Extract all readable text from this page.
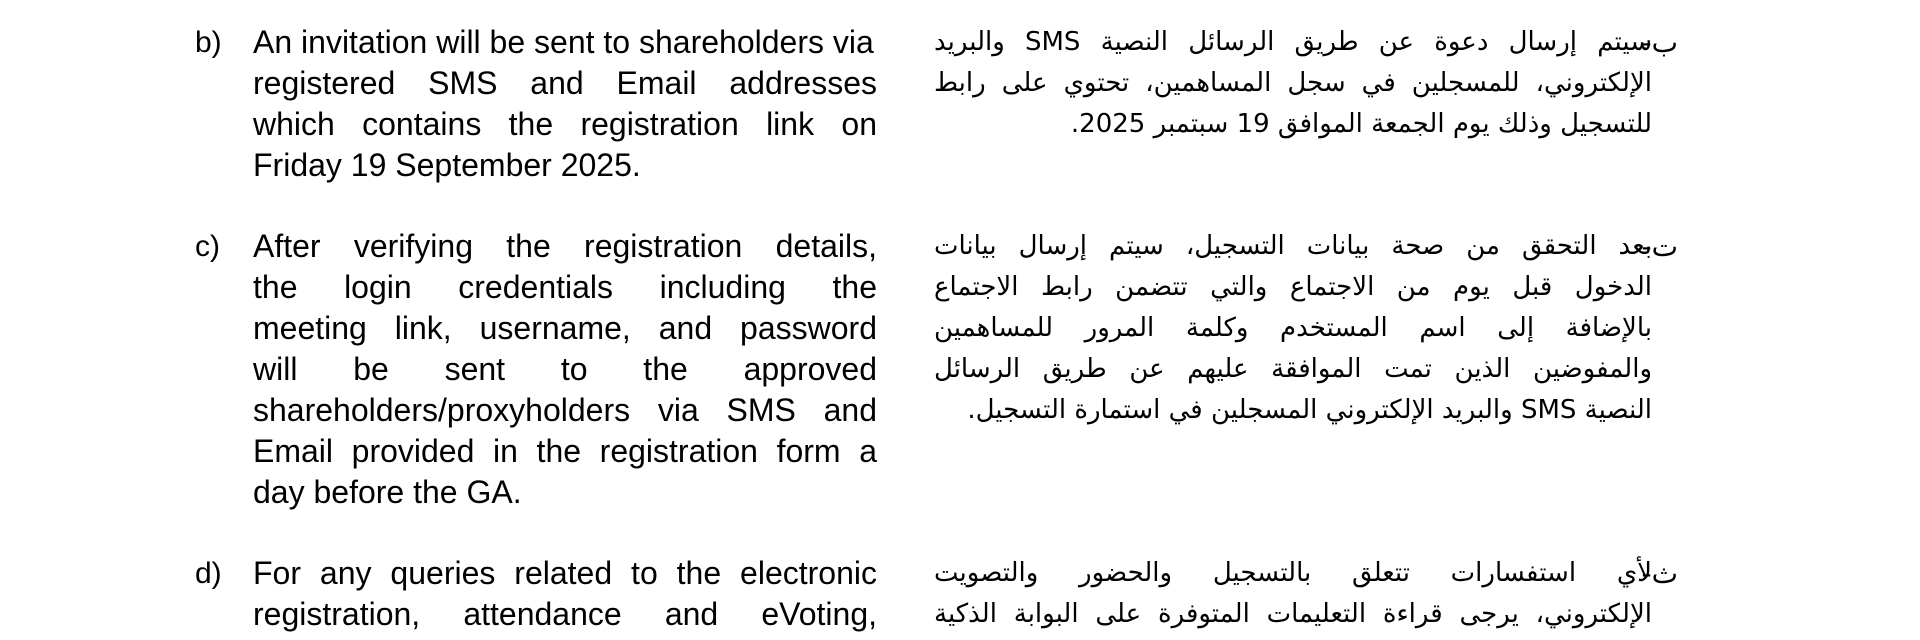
b) An invitation will be sent to shareholders via
registered SMS and Email addresses
which contains the registration link on
Friday 19 September 2025.
ب-
سيتم إرسال دعوة عن طريق الرسائل النصية SMS والبريد
الإلكتروني، للمسجلين في سجل المساهمين، تحتوي على رابط
للتسجيل وذلك يوم الجمعة الموافق 19 سبتمبر 2025.
c) After verifying the registration details,
the login credentials including the
meeting link, username, and password
will be sent to the approved
shareholders/proxyholders via SMS and
Email provided in the registration form a
day before the GA.
ت-
بعد التحقق من صحة بيانات التسجيل، سيتم إرسال بيانات
الدخول قبل يوم من الاجتماع والتي تتضمن رابط الاجتماع
بالإضافة إلى اسم المستخدم وكلمة المرور للمساهمين
والمفوضين الذين تمت الموافقة عليهم عن طريق الرسائل
النصية SMS والبريد الإلكتروني المسجلين في استمارة التسجيل.
d) For any queries related to the electronic
registration, attendance and eVoting,
ث-
لأي استفسارات تتعلق بالتسجيل والحضور والتصويت
الإلكتروني، يرجى قراءة التعليمات المتوفرة على البوابة الذكية
